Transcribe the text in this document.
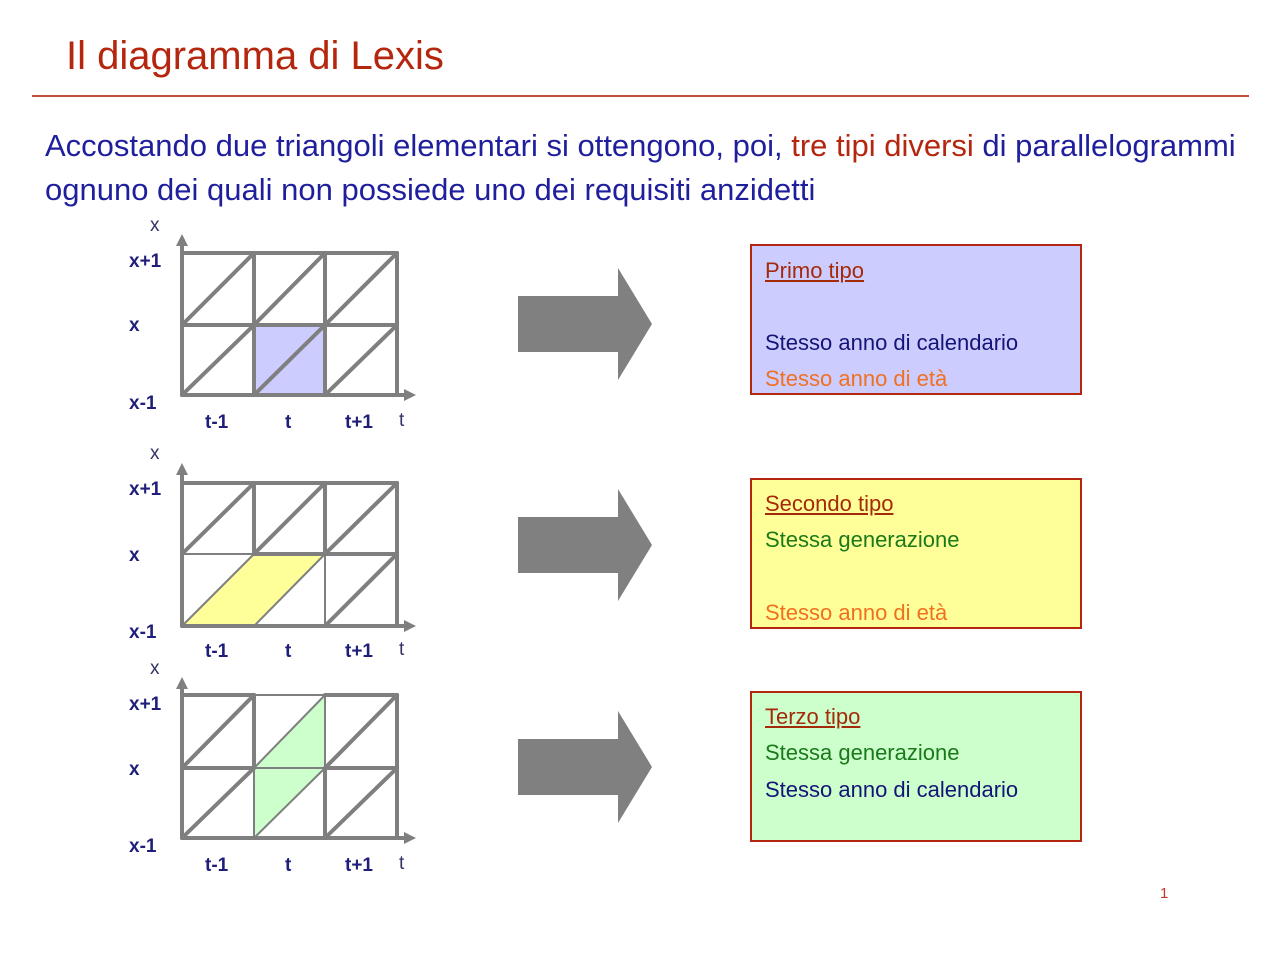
Il diagramma di Lexis
Accostando due triangoli elementari si ottengono, poi, tre tipi diversi di parallelogrammi ognuno dei quali non possiede uno dei requisiti anzidetti
x
x+1
x
x-1
t-1	t	t+1 t
x
x+1
x
x-1
t-1	t	t+1 t
x
x+1
x
x-1
t-1	t	t+1 t
Primo tipo
Stesso anno di calendario
Stesso anno di età
Secondo tipo
Stessa generazione
Stesso anno di età
Terzo tipo
Stessa generazione
Stesso anno di calendario
1
